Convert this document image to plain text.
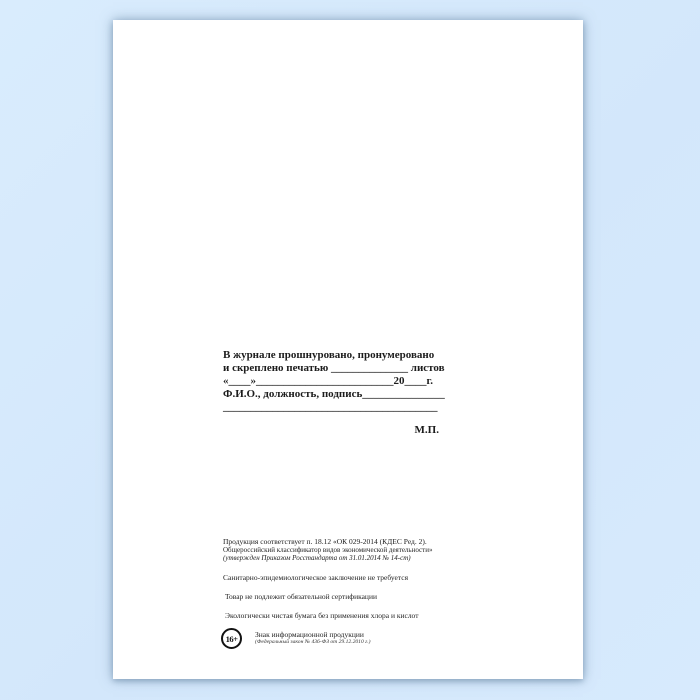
В журнале прошнуровано, пронумеровано
и скреплено печатью ______________ листов
«____»_________________________20____г.
Ф.И.О., должность, подпись_______________
_______________________________________
М.П.
Продукция соответствует п. 18.12 «ОК 029-2014 (КДЕС Ред. 2).
Общероссийский классификатор видов экономической деятельности»
(утвержден Приказом Росстандарта от 31.01.2014 № 14-ст)
Санитарно-эпидемиологическое заключение не требуется
Товар не подлежит обязательной сертификации
Экологически чистая бумага без применения хлора и кислот
16+	Знак информационной продукции
(Федеральный закон № 436-ФЗ от 29.12.2010 г.)
